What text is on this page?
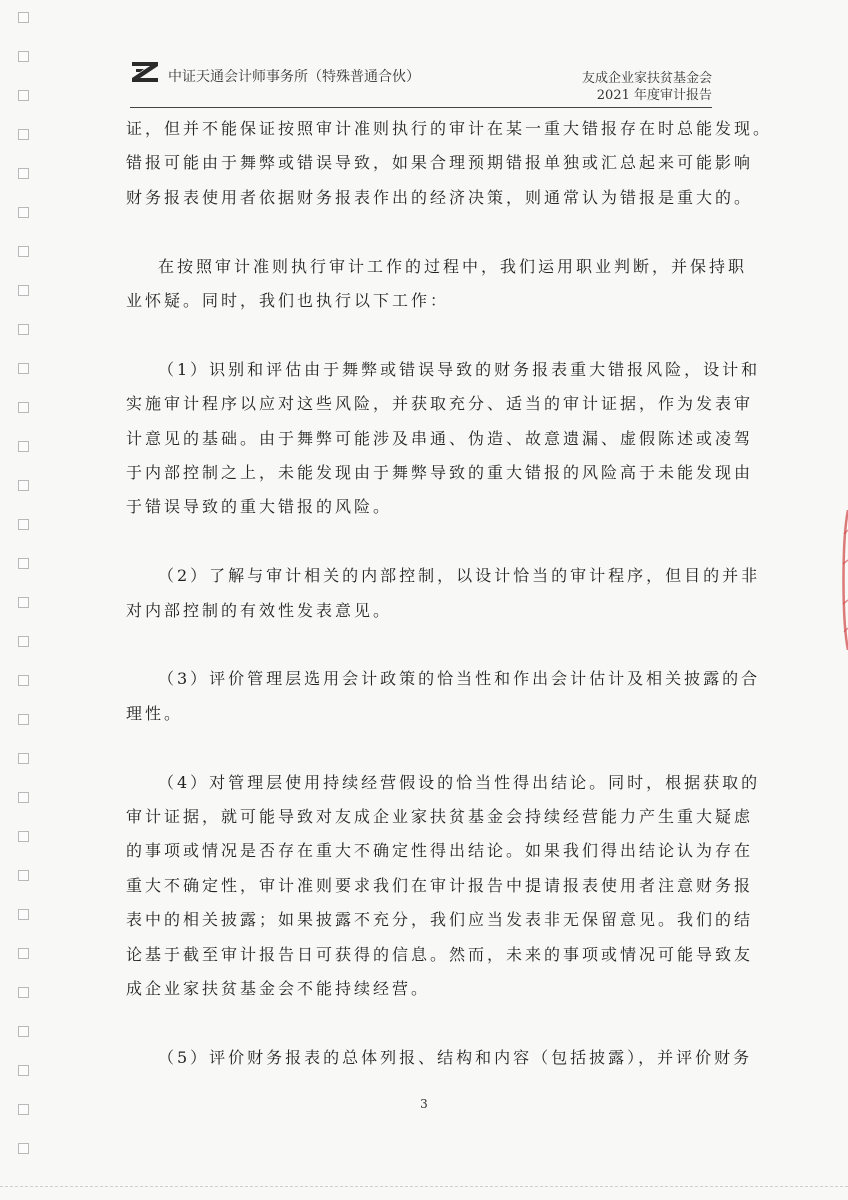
中证天通会计师事务所（特殊普通合伙）	友成企业家扶贫基金会
2021 年度审计报告

证，但并不能保证按照审计准则执行的审计在某一重大错报存在时总能发现。

错报可能由于舞弊或错误导致，如果合理预期错报单独或汇总起来可能影响

财务报表使用者依据财务报表作出的经济决策，则通常认为错报是重大的。

在按照审计准则执行审计工作的过程中，我们运用职业判断，并保持职

业怀疑。同时，我们也执行以下工作：

（1）识别和评估由于舞弊或错误导致的财务报表重大错报风险，设计和

实施审计程序以应对这些风险，并获取充分、适当的审计证据，作为发表审

计意见的基础。由于舞弊可能涉及串通、伪造、故意遗漏、虚假陈述或凌驾

于内部控制之上，未能发现由于舞弊导致的重大错报的风险高于未能发现由

于错误导致的重大错报的风险。

（2）了解与审计相关的内部控制，以设计恰当的审计程序，但目的并非

对内部控制的有效性发表意见。

（3）评价管理层选用会计政策的恰当性和作出会计估计及相关披露的合

理性。

（4）对管理层使用持续经营假设的恰当性得出结论。同时，根据获取的

审计证据，就可能导致对友成企业家扶贫基金会持续经营能力产生重大疑虑

的事项或情况是否存在重大不确定性得出结论。如果我们得出结论认为存在

重大不确定性，审计准则要求我们在审计报告中提请报表使用者注意财务报

表中的相关披露；如果披露不充分，我们应当发表非无保留意见。我们的结

论基于截至审计报告日可获得的信息。然而，未来的事项或情况可能导致友

成企业家扶贫基金会不能持续经营。

（5）评价财务报表的总体列报、结构和内容（包括披露），并评价财务

3
